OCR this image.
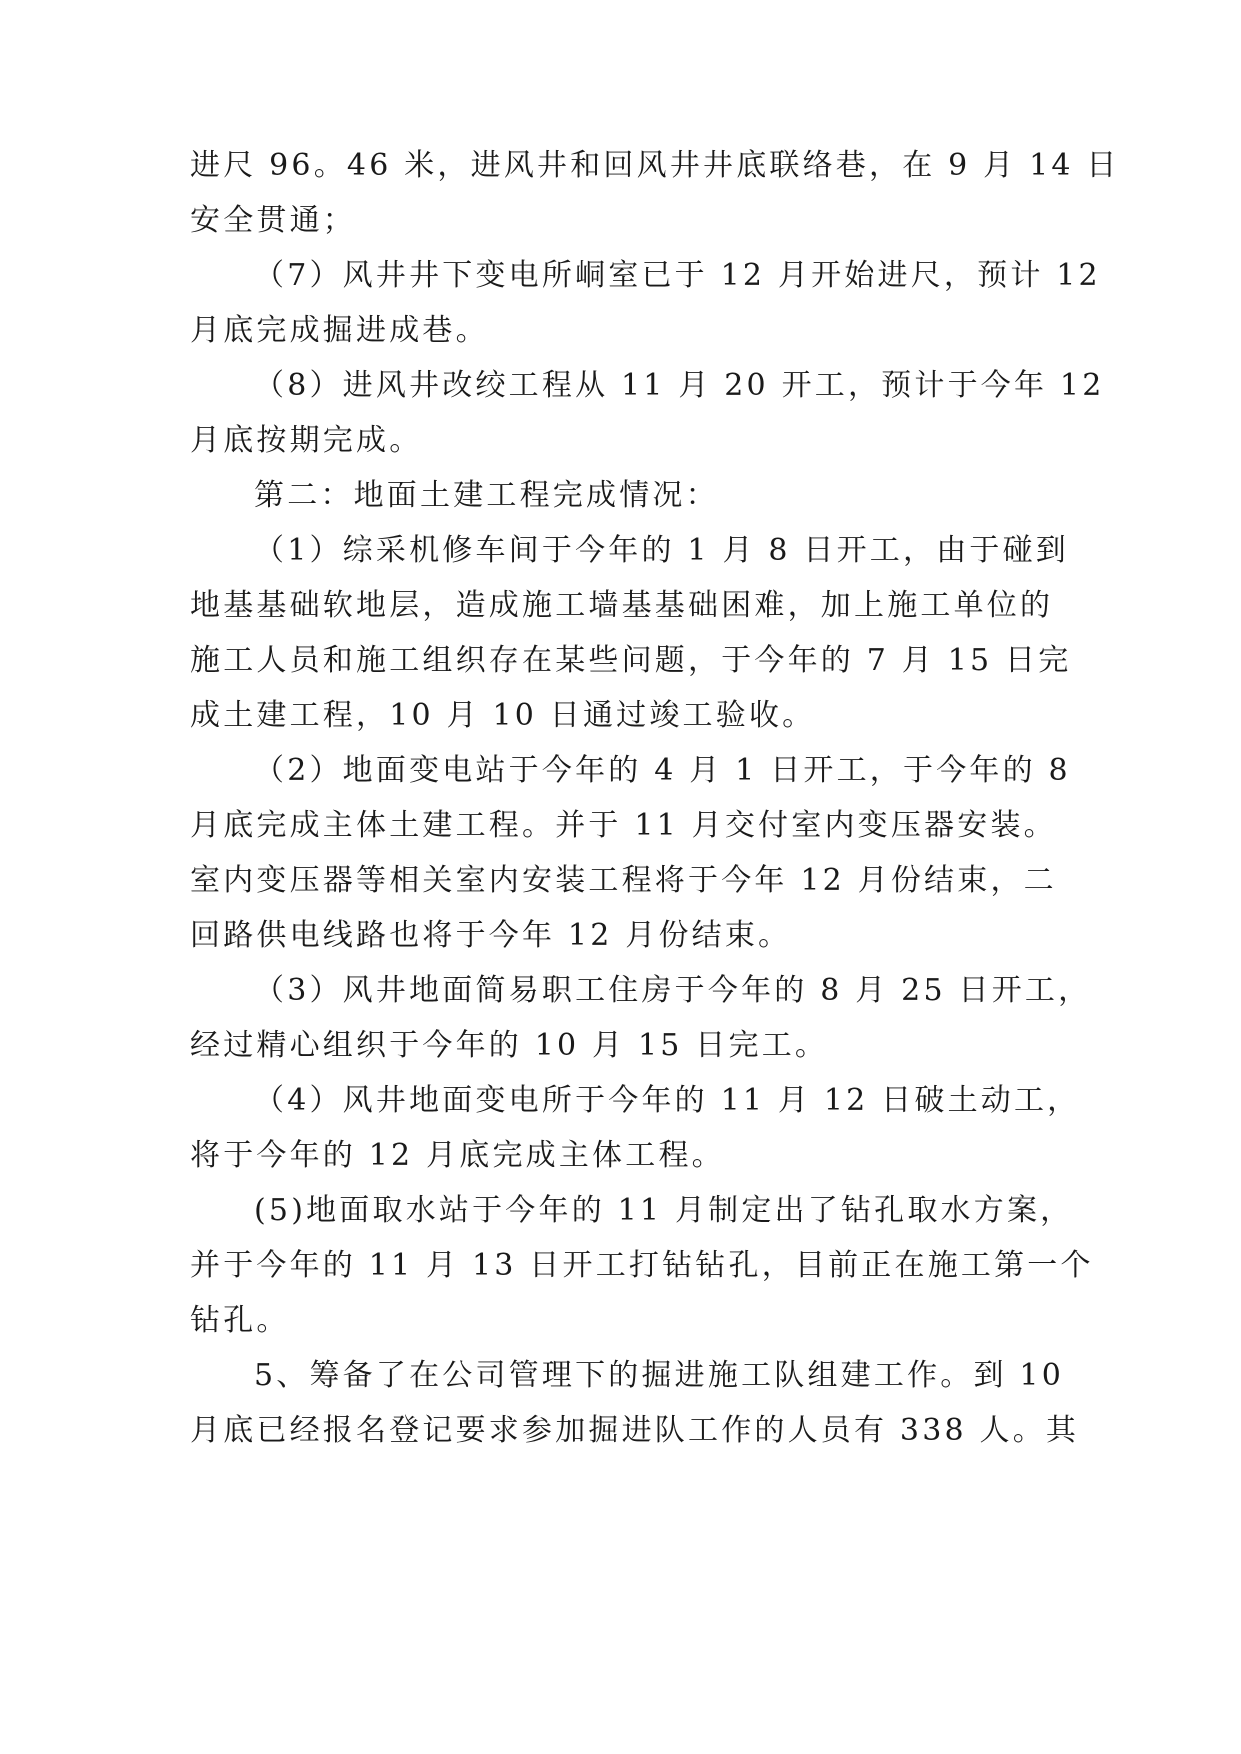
进尺 96。46 米，进风井和回风井井底联络巷，在 9 月 14 日
安全贯通；
（7）风井井下变电所峒室已于 12 月开始进尺，预计 12
月底完成掘进成巷。
（8）进风井改绞工程从 11 月 20 开工，预计于今年 12
月底按期完成。
第二：地面土建工程完成情况：
（1）综采机修车间于今年的 1 月 8 日开工，由于碰到
地基基础软地层，造成施工墙基基础困难，加上施工单位的
施工人员和施工组织存在某些问题，于今年的 7 月 15 日完
成土建工程，10 月 10 日通过竣工验收。
（2）地面变电站于今年的 4 月 1 日开工，于今年的 8
月底完成主体土建工程。并于 11 月交付室内变压器安装。
室内变压器等相关室内安装工程将于今年 12 月份结束，二
回路供电线路也将于今年 12 月份结束。
（3）风井地面简易职工住房于今年的 8 月 25 日开工，
经过精心组织于今年的 10 月 15 日完工。
（4）风井地面变电所于今年的 11 月 12 日破土动工，
将于今年的 12 月底完成主体工程。
(5)地面取水站于今年的 11 月制定出了钻孔取水方案，
并于今年的 11 月 13 日开工打钻钻孔，目前正在施工第一个
钻孔。
5、筹备了在公司管理下的掘进施工队组建工作。到 10
月底已经报名登记要求参加掘进队工作的人员有 338 人。其
